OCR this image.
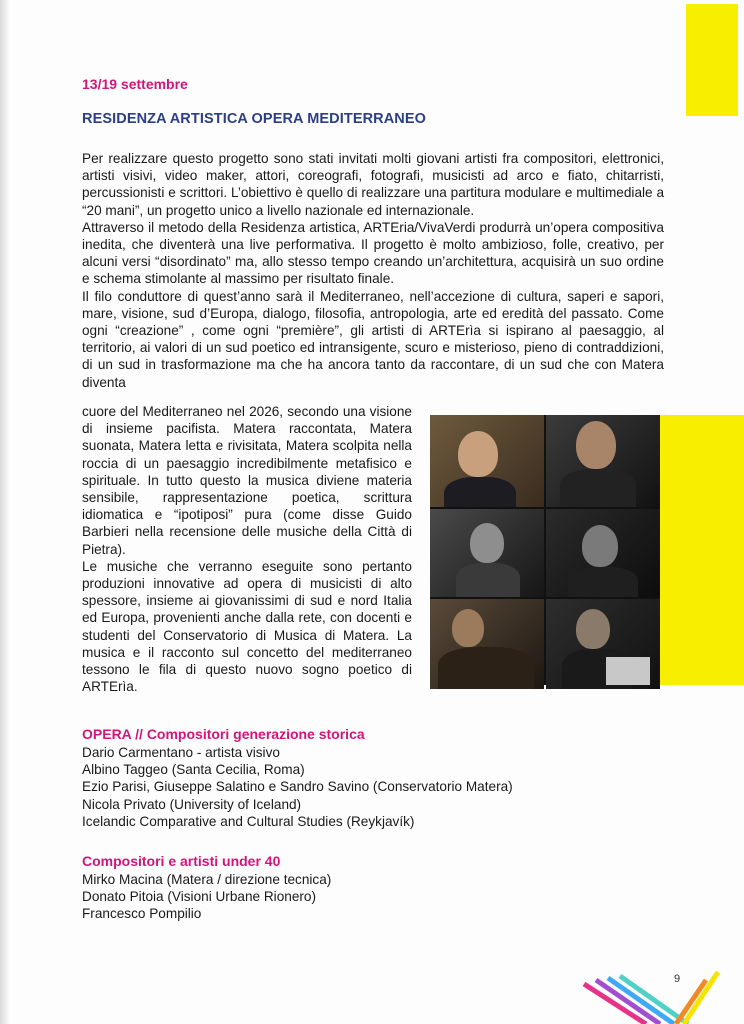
13/19 settembre
RESIDENZA ARTISTICA OPERA MEDITERRANEO
Per realizzare questo progetto sono stati invitati molti giovani artisti fra compositori, elettronici, artisti visivi, video maker, attori, coreografi, fotografi, musicisti ad arco e fiato, chitarristi, percussionisti e scrittori. L’obiettivo è quello di realizzare una partitura modulare e multimediale a “20 mani”, un progetto unico a livello nazionale ed internazionale.
Attraverso il metodo della Residenza artistica, ARTEria/VivaVerdi produrrà un’opera compositiva inedita, che diventerà una live performativa. Il progetto è molto ambizioso, folle, creativo, per alcuni versi “disordinato” ma, allo stesso tempo creando un’architettura, acquisirà un suo ordine e schema stimolante al massimo per risultato finale.
Il filo conduttore di quest’anno sarà il Mediterraneo, nell’accezione di cultura, saperi e sapori, mare, visione, sud d’Europa, dialogo, filosofia, antropologia, arte ed eredità del passato. Come ogni “creazione” , come ogni “première”, gli artisti di ARTErìa si ispirano al paesaggio, al territorio, ai valori di un sud poetico ed intransigente, scuro e misterioso, pieno di contraddizioni, di un sud in trasformazione ma che ha ancora tanto da raccontare, di un sud che con Matera diventa
cuore del Mediterraneo nel 2026, secondo una visione di insieme pacifista. Matera raccontata, Matera suonata, Matera letta e rivisitata, Matera scolpita nella roccia di un paesaggio incredibilmente metafisico e spirituale. In tutto questo la musica diviene materia sensibile, rappresentazione poetica, scrittura idiomatica e “ipotiposi” pura (come disse Guido Barbieri nella recensione delle musiche della Città di Pietra).
Le musiche che verranno eseguite sono pertanto produzioni innovative ad opera di musicisti di alto spessore, insieme ai giovanissimi di sud e nord Italia ed Europa, provenienti anche dalla rete, con docenti e studenti del Conservatorio di Musica di Matera. La musica e il racconto sul concetto del mediterraneo tessono le fila di questo nuovo sogno poetico di ARTErìa.
OPERA // Compositori generazione storica
Dario Carmentano - artista visivo
Albino Taggeo (Santa Cecilia, Roma)
Ezio Parisi, Giuseppe Salatino e Sandro Savino (Conservatorio Matera)
Nicola Privato (University of Iceland)
Icelandic Comparative and Cultural Studies (Reykjavík)
Compositori e artisti under 40
Mirko Macina (Matera / direzione tecnica)
Donato Pitoia (Visioni Urbane Rionero)
Francesco Pompilio
9
